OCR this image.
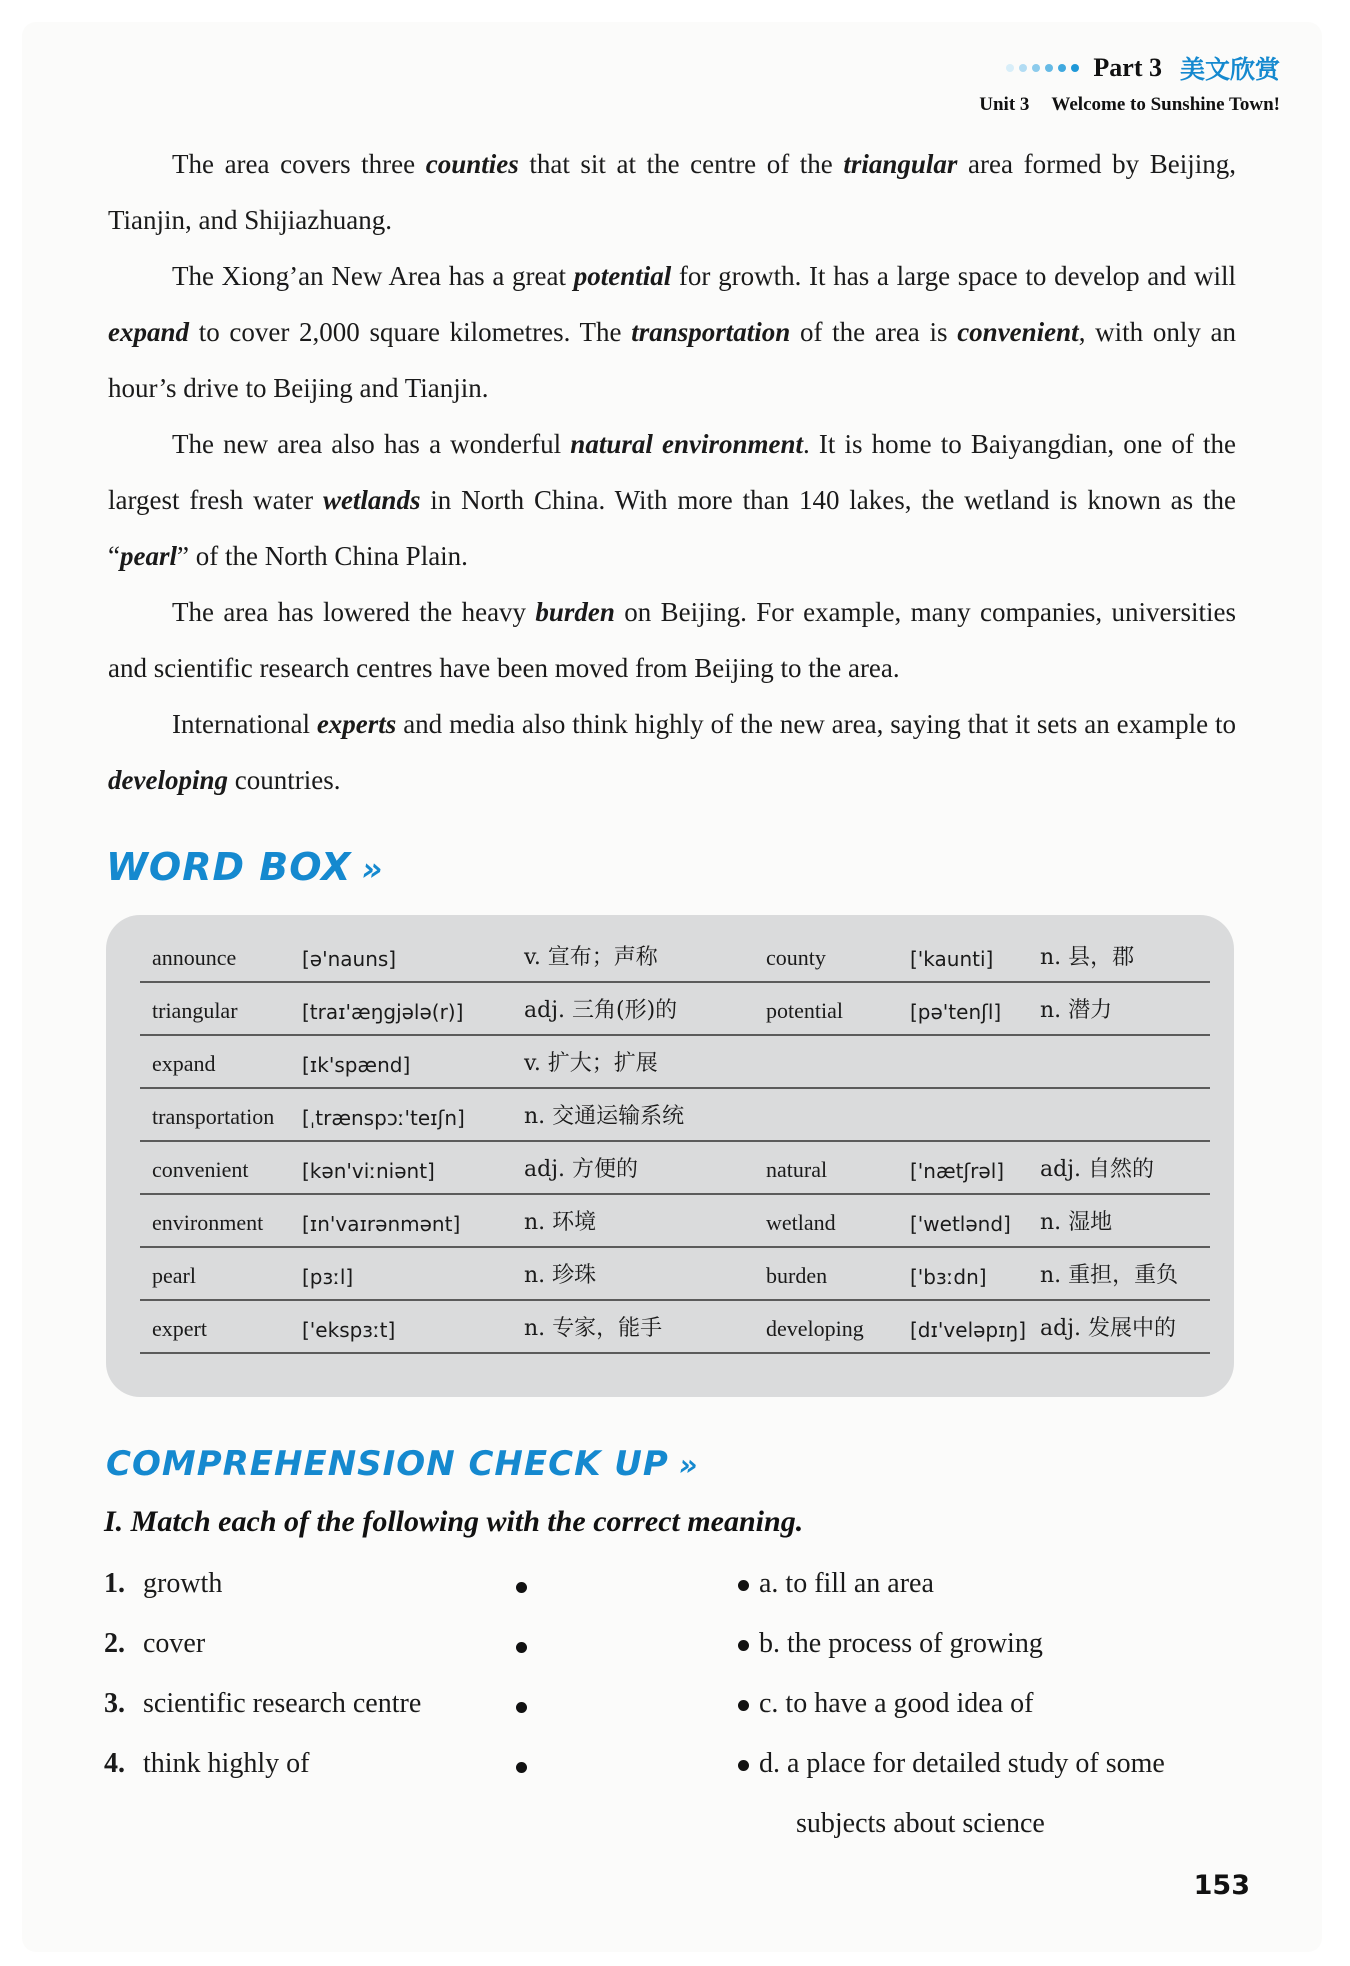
Part 3 美文欣赏
Unit 3 Welcome to Sunshine Town!

The area covers three counties that sit at the centre of the triangular area formed by Beijing, Tianjin, and Shijiazhuang.

The Xiong’an New Area has a great potential for growth. It has a large space to develop and will expand to cover 2,000 square kilometres. The transportation of the area is convenient, with only an hour’s drive to Beijing and Tianjin.

The new area also has a wonderful natural environment. It is home to Baiyangdian, one of the largest fresh water wetlands in North China. With more than 140 lakes, the wetland is known as the “pearl” of the North China Plain.

The area has lowered the heavy burden on Beijing. For example, many companies, universities and scientific research centres have been moved from Beijing to the area.

International experts and media also think highly of the new area, saying that it sets an example to developing countries.

WORD BOX »
announce	[ə'nauns]	v. 宣布；声称	county	['kaunti] n. 县，郡
triangular	[traɪ'æŋgjələ(r)]	adj. 三角(形)的	potential	[pə'tenʃl] n. 潜力
expand	[ɪk'spænd]	v. 扩大；扩展
transportation [ˌtrænspɔː'teɪʃn]	n. 交通运输系统
convenient	[kən'viːniənt]	adj. 方便的	natural	['nætʃrəl] adj. 自然的
environment [ɪn'vaɪrənmənt]	n. 环境	wetland	['wetlənd] n. 湿地
pearl	[pɜːl]	n. 珍珠	burden	['bɜːdn] n. 重担，重负
expert	['ekspɜːt]	n. 专家，能手	developing [dɪ'veləpɪŋ] adj. 发展中的
COMPREHENSION CHECK UP »
I. Match each of the following with the correct meaning.
1. growth
2. cover
3. scientific research centre
4. think highly of
a. to fill an area
b. the process of growing
c. to have a good idea of
d. a place for detailed study of some
subjects about science
153
